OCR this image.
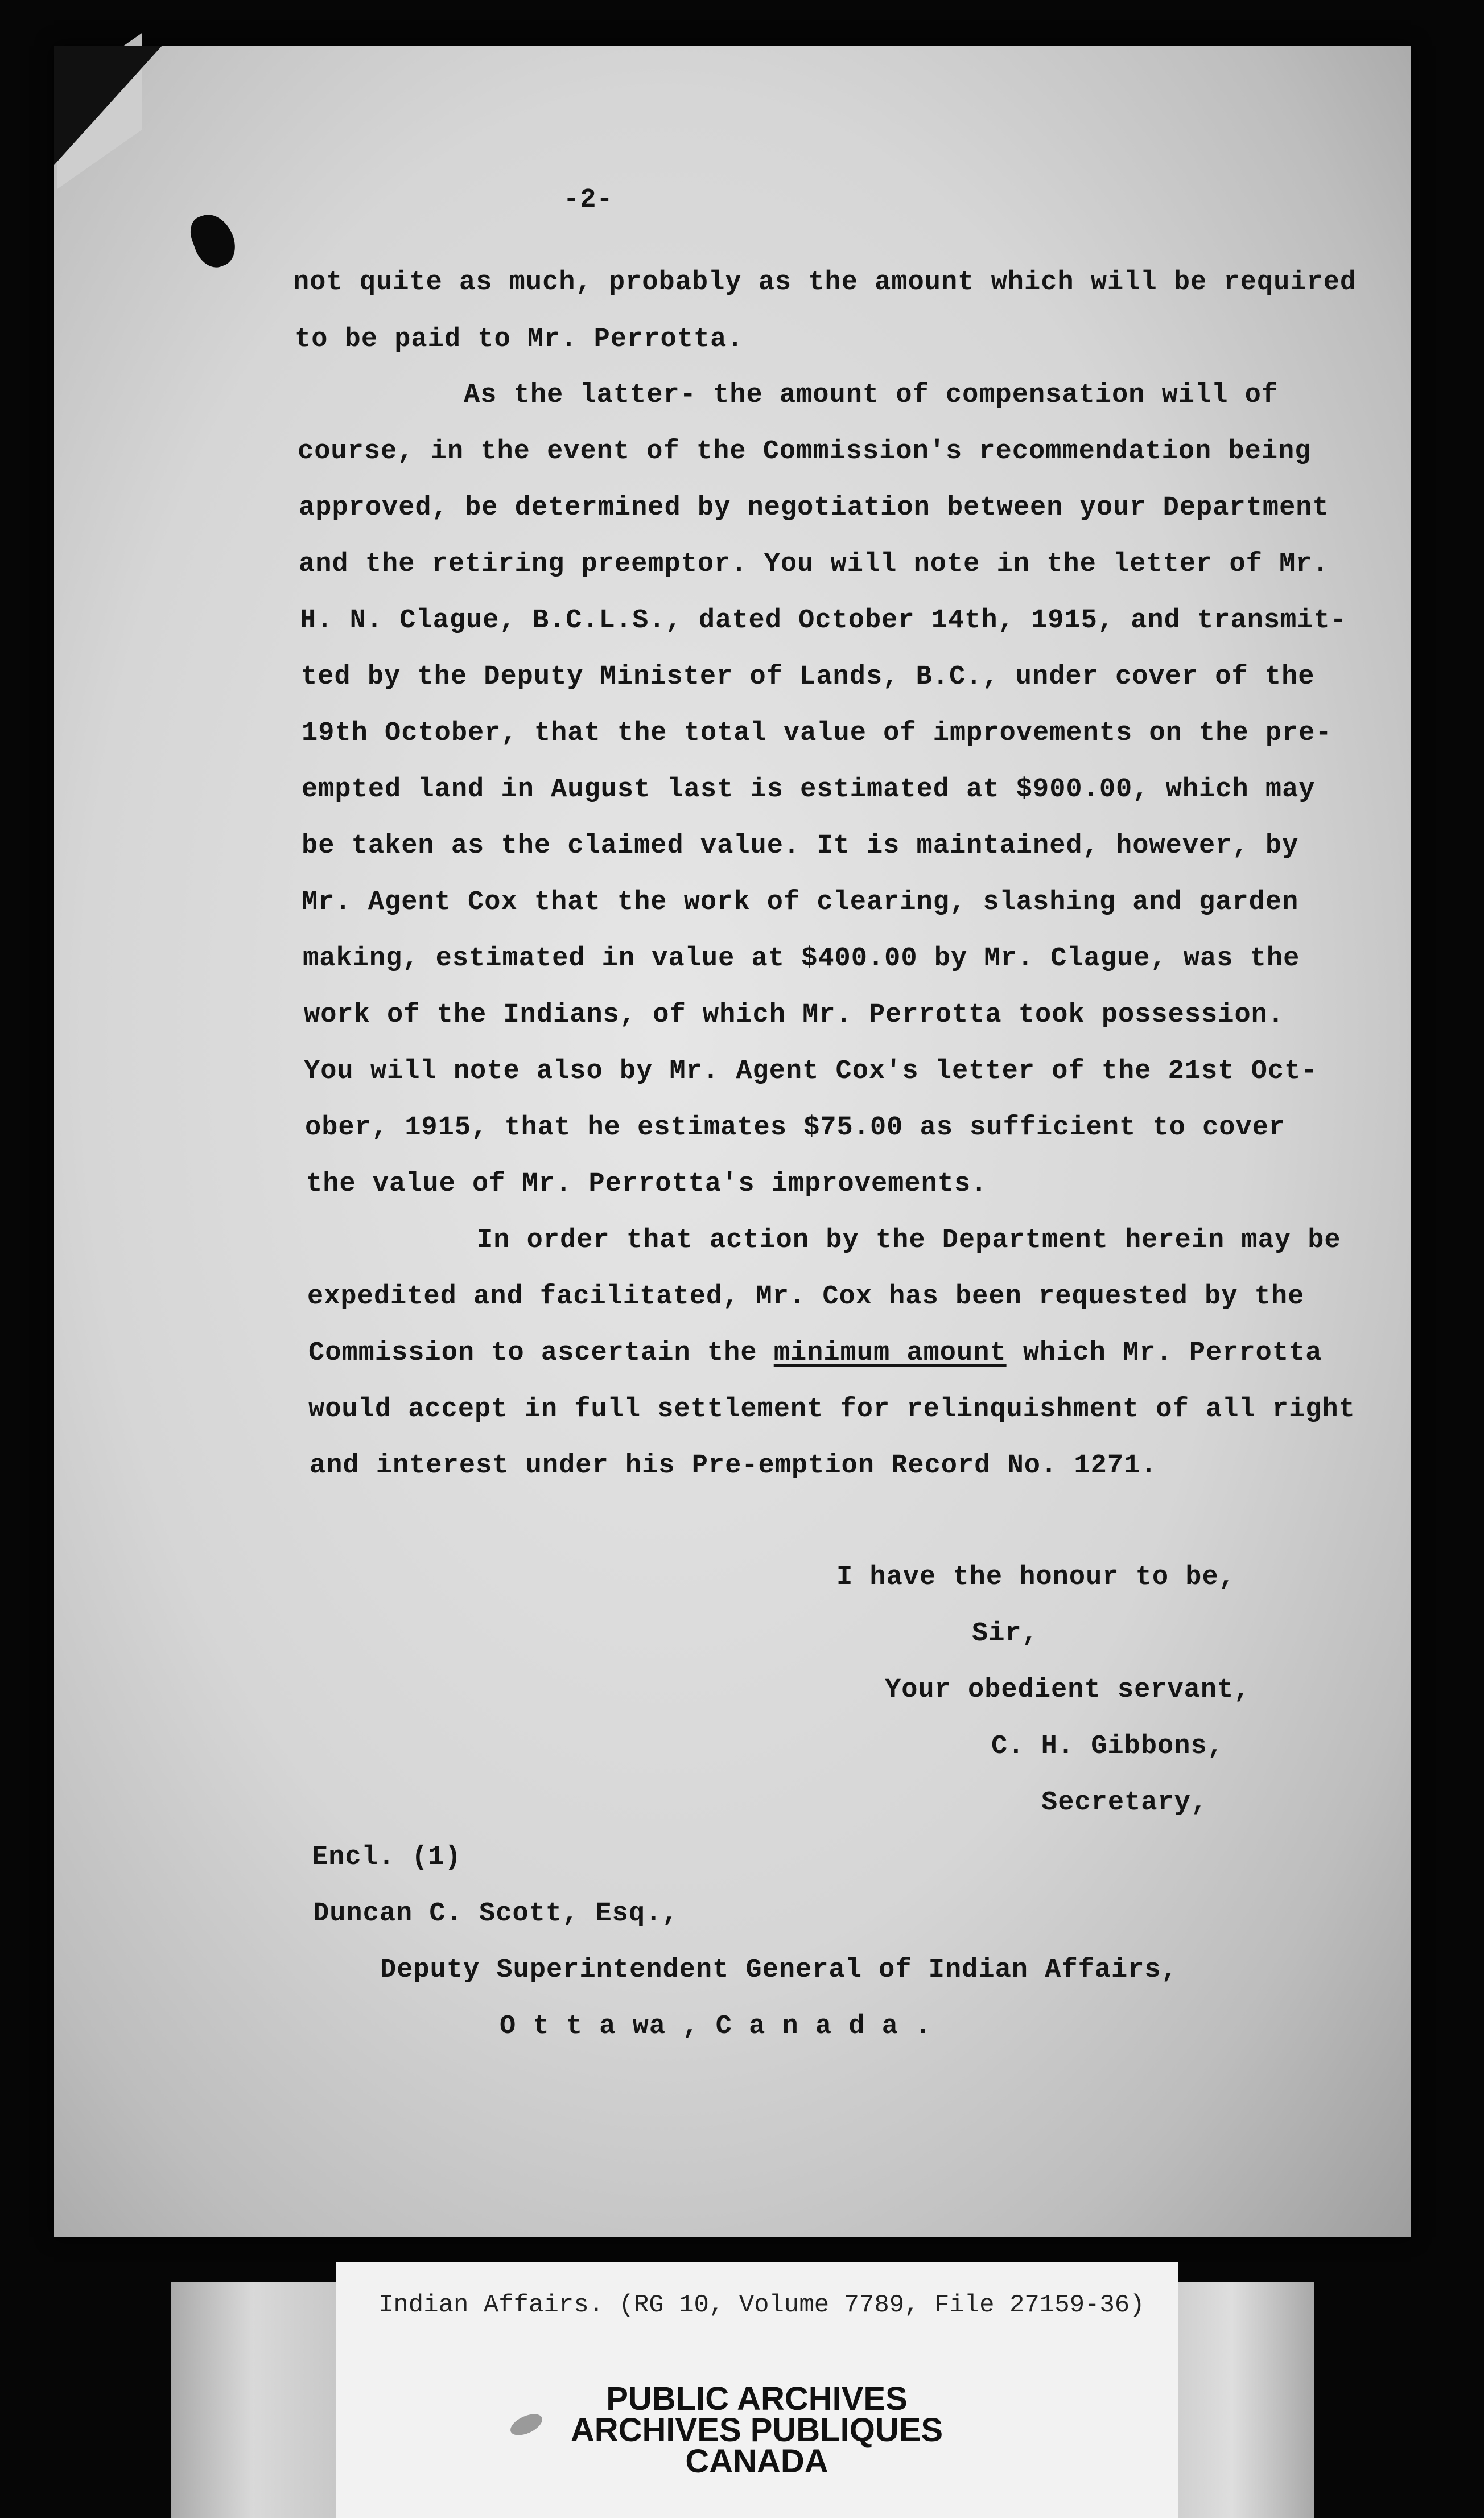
-2-
not quite as much, probably as the amount which will be required
to be paid to Mr. Perrotta.
As the latter- the amount of compensation will of
course, in the event of the Commission's recommendation being
approved, be determined by negotiation between your Department
and the retiring preemptor. You will note in the letter of Mr.
H. N. Clague, B.C.L.S., dated October 14th, 1915, and transmit-
ted by the Deputy Minister of Lands, B.C., under cover of the
19th October, that the total value of improvements on the pre-
empted land in August last is estimated at $900.00, which may
be taken as the claimed value. It is maintained, however, by
Mr. Agent Cox that the work of clearing, slashing and garden
making, estimated in value at $400.00 by Mr. Clague, was the
work of the Indians, of which Mr. Perrotta took possession.
You will note also by Mr. Agent Cox's letter of the 21st Oct-
ober, 1915, that he estimates $75.00 as sufficient to cover
the value of Mr. Perrotta's improvements.
In order that action by the Department herein may be
expedited and facilitated, Mr. Cox has been requested by the
Commission to ascertain the minimum amount which Mr. Perrotta
would accept in full settlement for relinquishment of all right
and interest under his Pre-emption Record No. 1271.
I have the honour to be,
Sir,
Your obedient servant,
C. H. Gibbons,
Secretary,
Encl. (1)
Duncan C. Scott, Esq.,
Deputy Superintendent General of Indian Affairs,
O t t a wa , C a n a d a .
Indian Affairs. (RG 10, Volume 7789, File 27159-36)
PUBLIC ARCHIVES
ARCHIVES PUBLIQUES
CANADA
